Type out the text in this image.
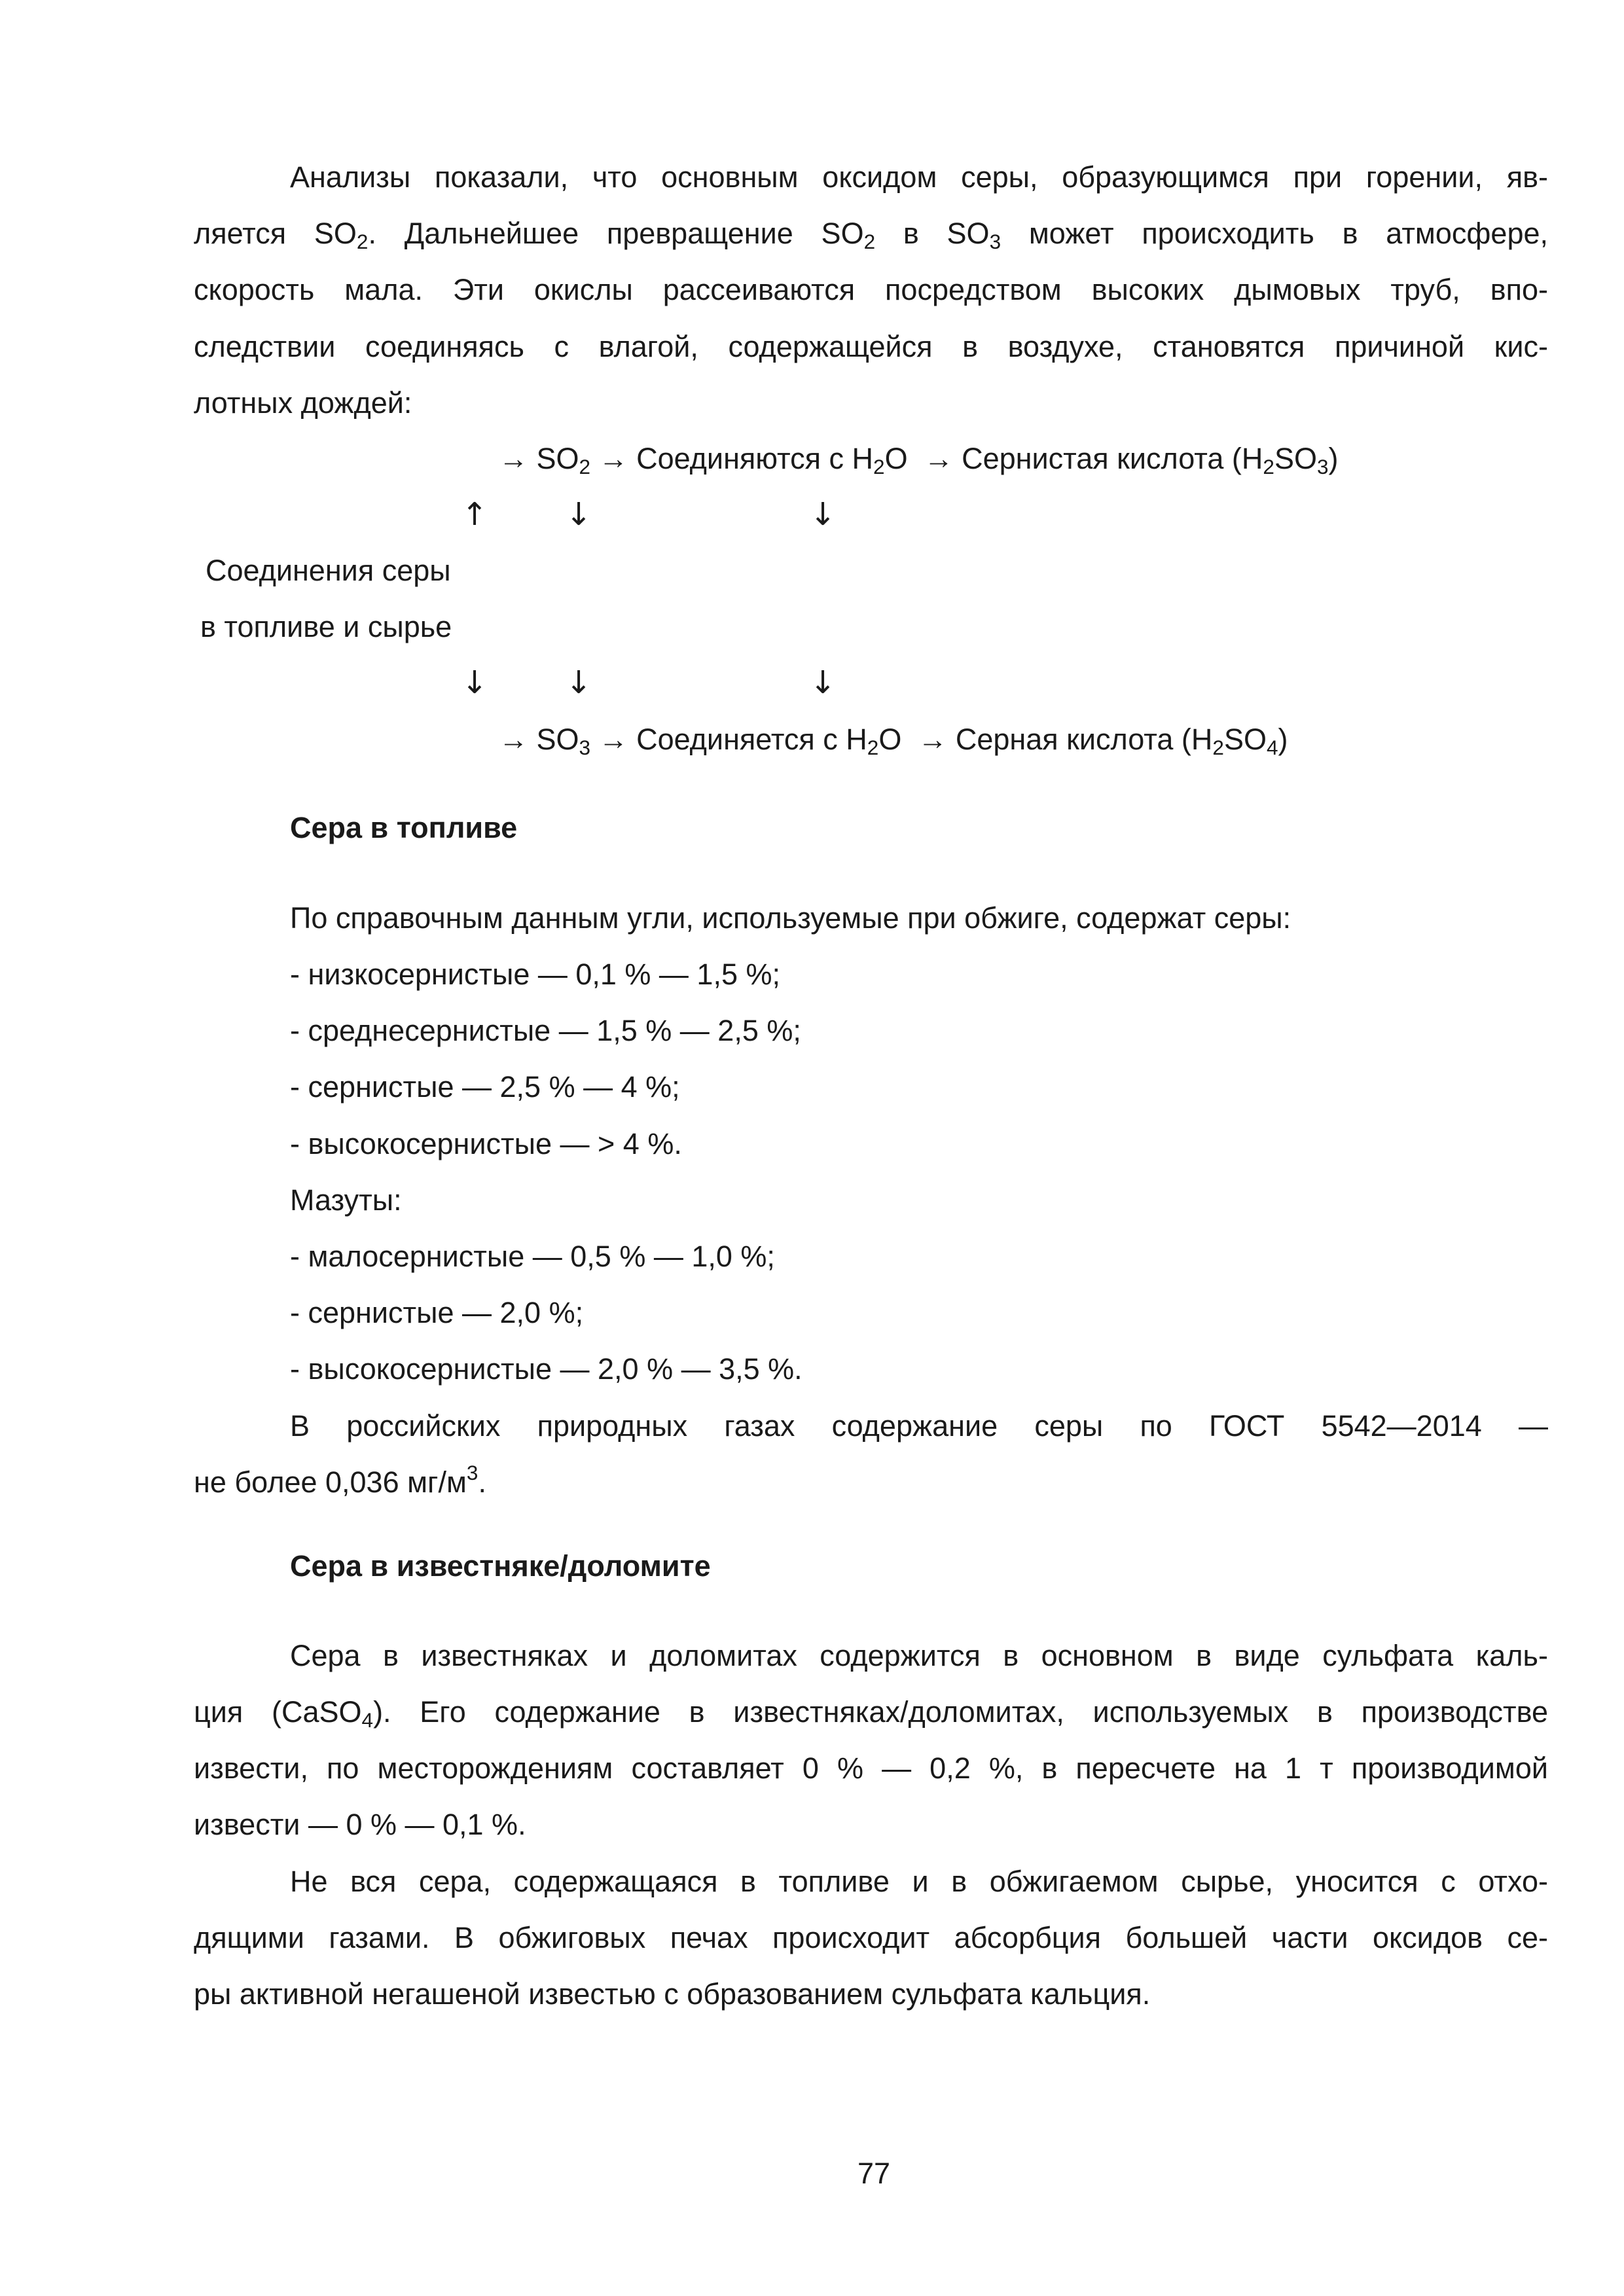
Анализы показали, что основным оксидом серы, образующимся при горении, яв-
ляется $SO_2$. Дальнейшее превращение $SO_2$ в $SO_3$ может происходить в атмосфере,
скорость мала. Эти окислы рассеиваются посредством высоких дымовых труб, впо-
следствии соединяясь с влагой, содержащейся в воздухе, становятся причиной кис-
лотных дождей:
→ $SO_2$ → Соединяются с $H_2O$ → Сернистая кислота $(H_2SO_3)$
↑ ↓	↓
Соединения серы
в топливе и сырье
↓ ↓	↓
→ $SO_3$ → Соединяется с $H_2O$ → Серная кислота $(H_2SO_4)$
Сера в топливе
По справочным данным угли, используемые при обжиге, содержат серы:
- низкосернистые — 0,1 % — 1,5 %;
- среднесернистые — 1,5 % — 2,5 %;
- сернистые — 2,5 % — 4 %;
- высокосернистые — > 4 %.
Мазуты:
- малосернистые — 0,5 % — 1,0 %;
- сернистые — 2,0 %;
- высокосернистые — 2,0 % — 3,5 %.
В российских природных газах содержание серы по ГОСТ 5542—2014 —
не более 0,036 $мг/м^3$.
Сера в известняке/доломите
Сера в известняках и доломитах содержится в основном в виде сульфата каль-
ция (CaSO$_4$). Его содержание в известняках/доломитах, используемых в производстве
извести, по месторождениям составляет 0 % — 0,2 %, в пересчете на 1 т производимой
извести — 0 % — 0,1 %.
Не вся сера, содержащаяся в топливе и в обжигаемом сырье, уносится с отхо-
дящими газами. В обжиговых печах происходит абсорбция большей части оксидов се-
ры активной негашеной известью с образованием сульфата кальция.
77
